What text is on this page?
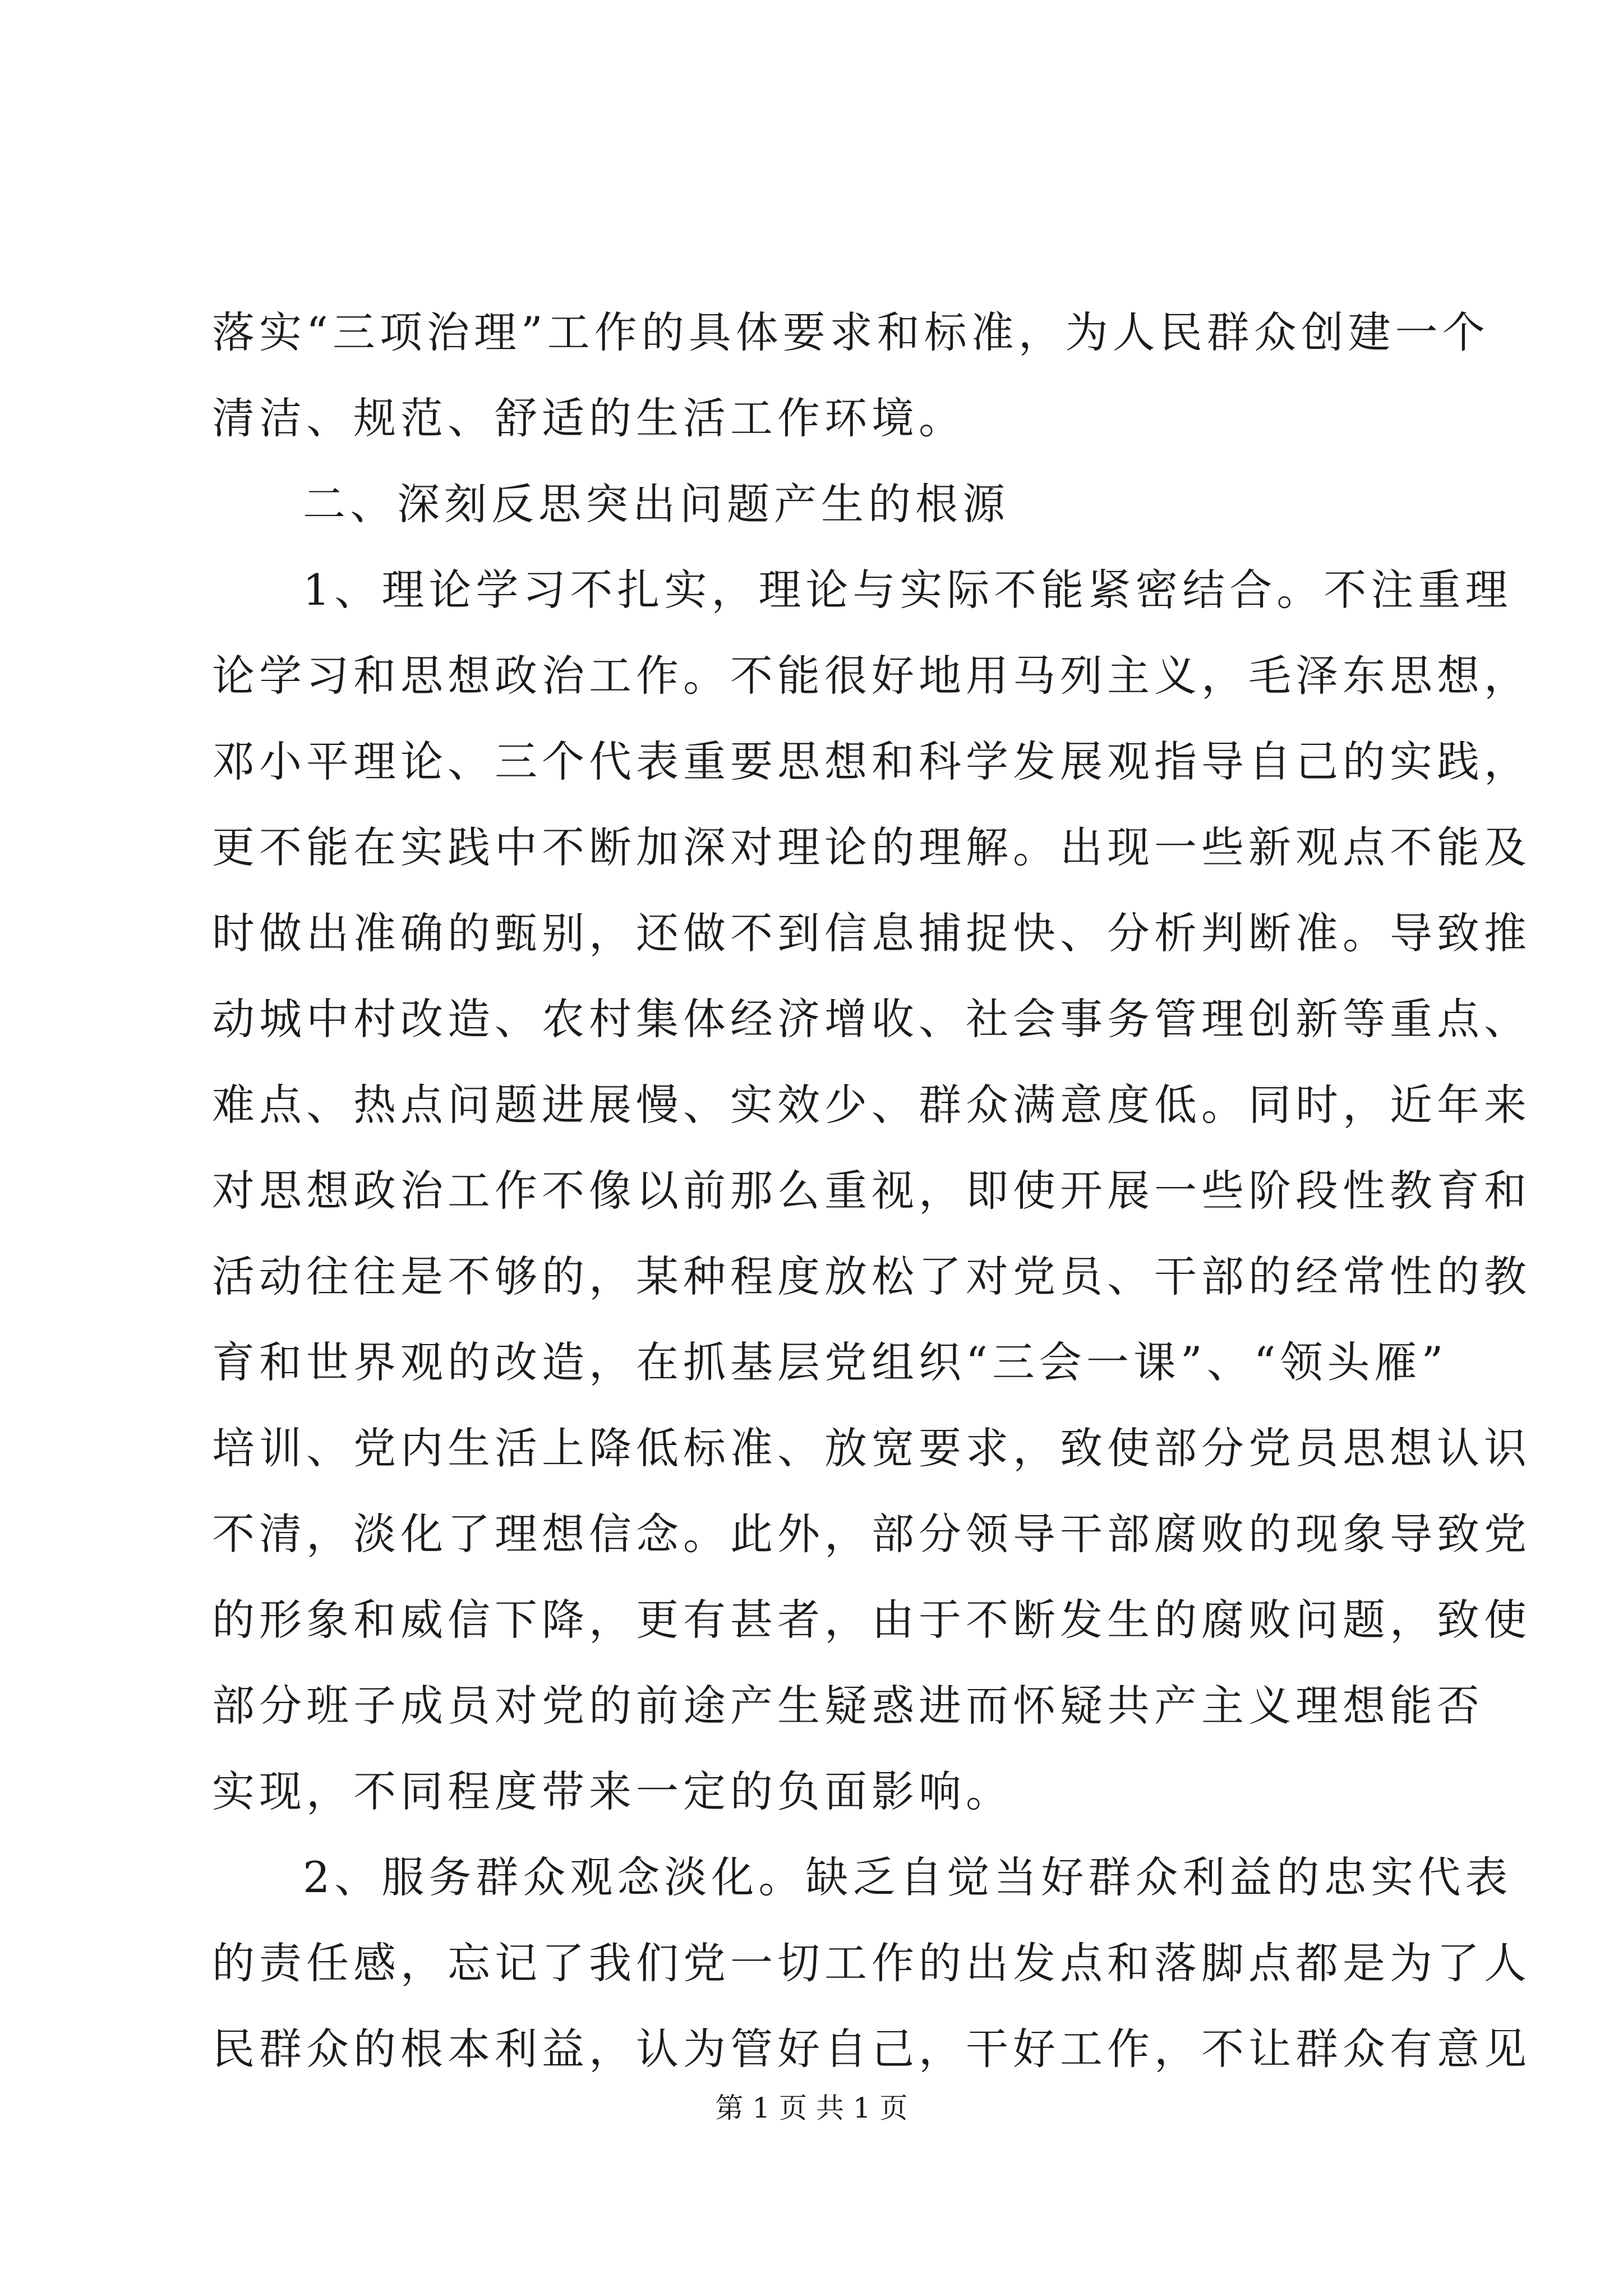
落实“三项治理”工作的具体要求和标准，为人民群众创建一个
清洁、规范、舒适的生活工作环境。
二、深刻反思突出问题产生的根源
1、理论学习不扎实，理论与实际不能紧密结合。不注重理
论学习和思想政治工作。不能很好地用马列主义，毛泽东思想，
邓小平理论、三个代表重要思想和科学发展观指导自己的实践，
更不能在实践中不断加深对理论的理解。出现一些新观点不能及
时做出准确的甄别，还做不到信息捕捉快、分析判断准。导致推
动城中村改造、农村集体经济增收、社会事务管理创新等重点、
难点、热点问题进展慢、实效少、群众满意度低。同时，近年来
对思想政治工作不像以前那么重视，即使开展一些阶段性教育和
活动往往是不够的，某种程度放松了对党员、干部的经常性的教
育和世界观的改造，在抓基层党组织“三会一课”、“领头雁”
培训、党内生活上降低标准、放宽要求，致使部分党员思想认识
不清，淡化了理想信念。此外，部分领导干部腐败的现象导致党
的形象和威信下降，更有甚者，由于不断发生的腐败问题，致使
部分班子成员对党的前途产生疑惑进而怀疑共产主义理想能否
实现，不同程度带来一定的负面影响。
2、服务群众观念淡化。缺乏自觉当好群众利益的忠实代表
的责任感，忘记了我们党一切工作的出发点和落脚点都是为了人
民群众的根本利益，认为管好自己，干好工作，不让群众有意见
第 1 页 共 1 页
